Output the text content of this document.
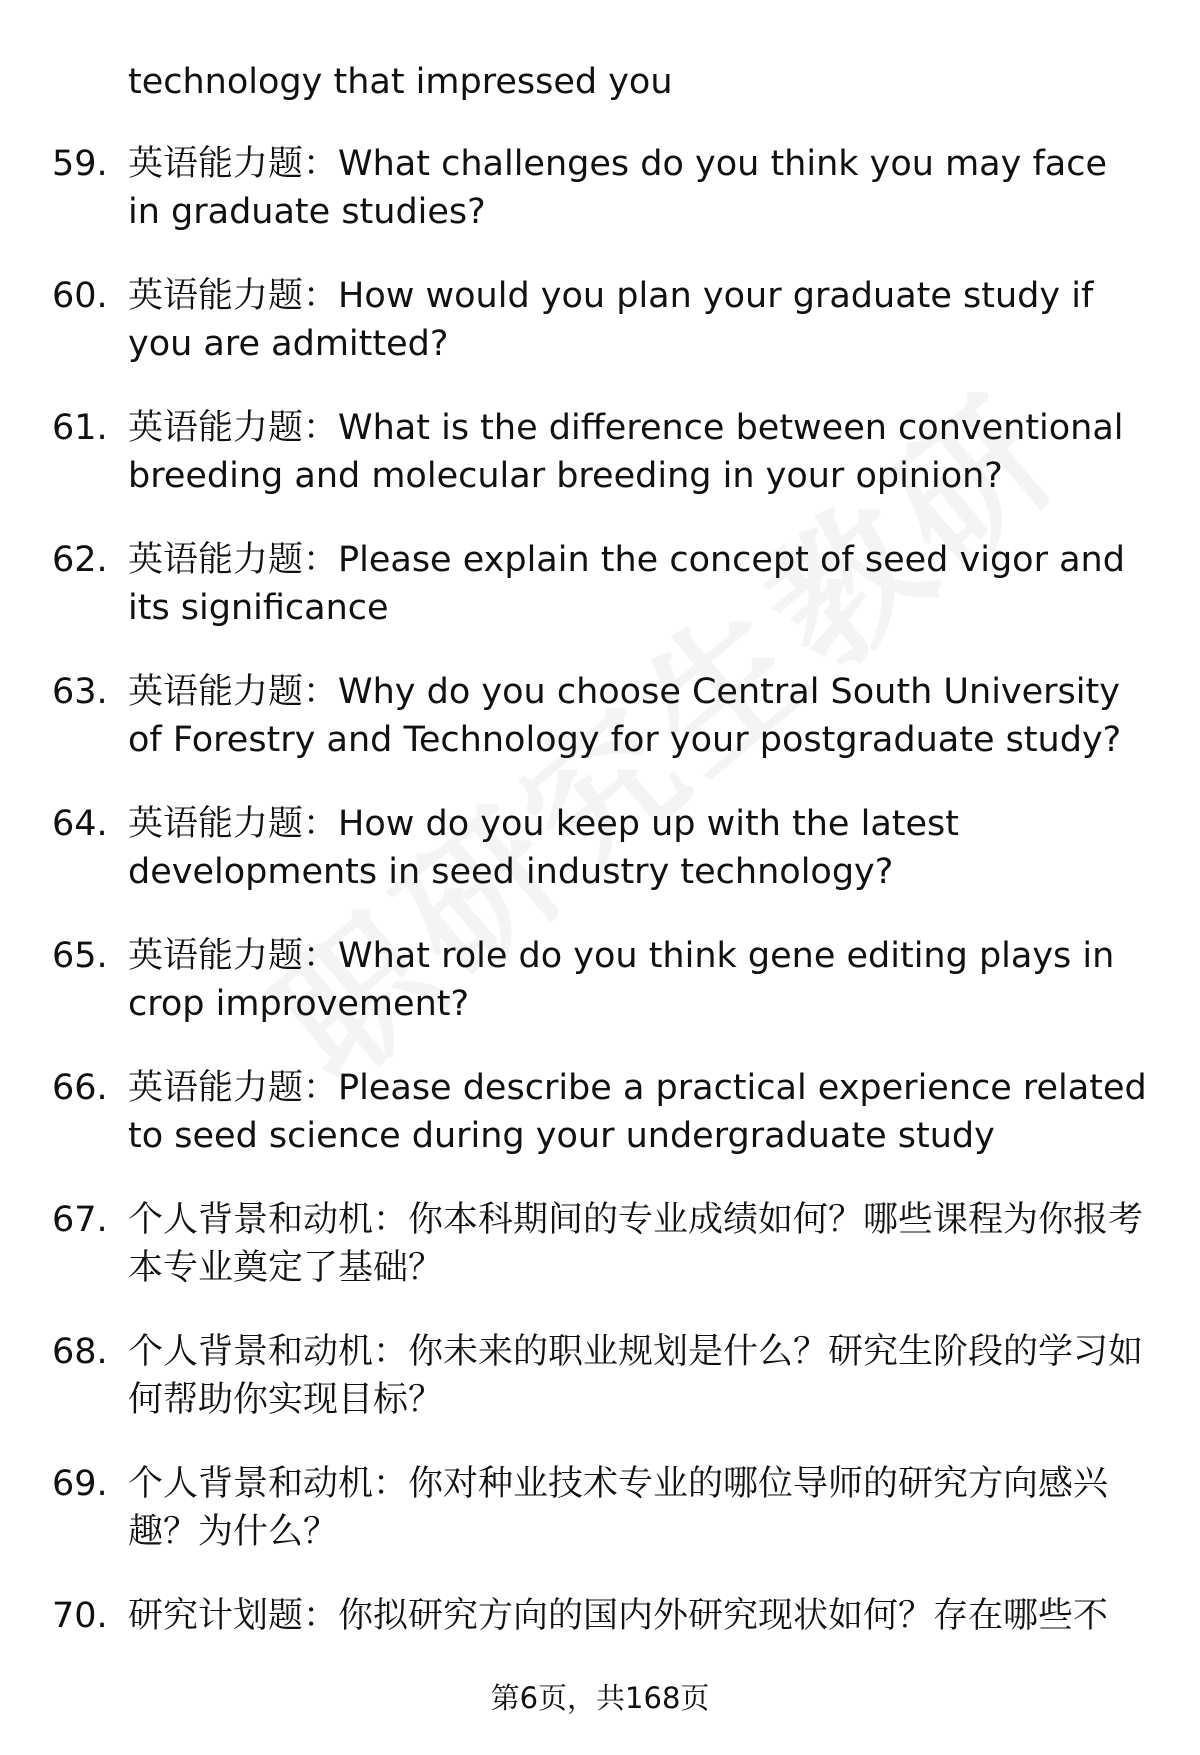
technology that impressed you
59. 英语能力题：What challenges do you think you may face in graduate studies?
60. 英语能力题：How would you plan your graduate study if you are admitted?
61. 英语能力题：What is the difference between conventional breeding and molecular breeding in your opinion?
62. 英语能力题：Please explain the concept of seed vigor and its significance
63. 英语能力题：Why do you choose Central South University of Forestry and Technology for your postgraduate study?
64. 英语能力题：How do you keep up with the latest developments in seed industry technology?
65. 英语能力题：What role do you think gene editing plays in crop improvement?
66. 英语能力题：Please describe a practical experience related to seed science during your undergraduate study
67. 个人背景和动机：你本科期间的专业成绩如何？哪些课程为你报考本专业奠定了基础？
68. 个人背景和动机：你未来的职业规划是什么？研究生阶段的学习如何帮助你实现目标？
69. 个人背景和动机：你对种业技术专业的哪位导师的研究方向感兴趣？为什么？
70. 研究计划题：你拟研究方向的国内外研究现状如何？存在哪些不
第6页，共168页
